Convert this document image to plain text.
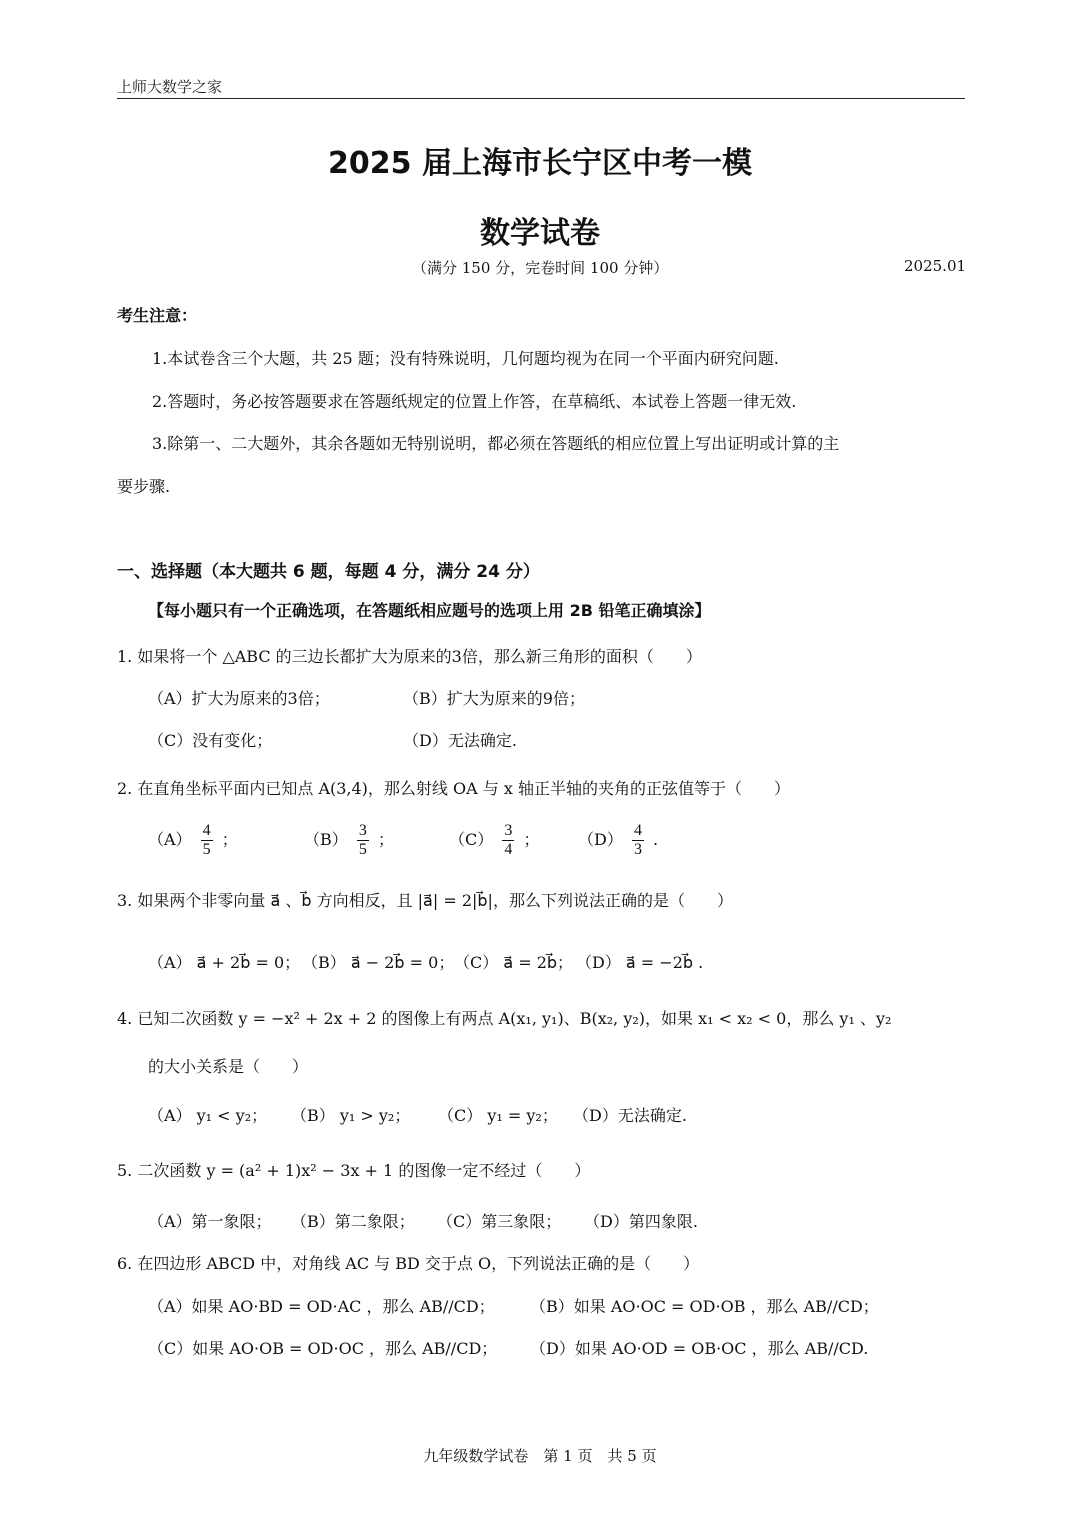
上师大数学之家
2025 届上海市长宁区中考一模
数学试卷
（满分 150 分，完卷时间 100 分钟）	2025.01
考生注意：
1.本试卷含三个大题，共 25 题；没有特殊说明，几何题均视为在同一个平面内研究问题.
2.答题时，务必按答题要求在答题纸规定的位置上作答，在草稿纸、本试卷上答题一律无效.
3.除第一、二大题外，其余各题如无特别说明，都必须在答题纸的相应位置上写出证明或计算的主
要步骤.
一、选择题（本大题共 6 题，每题 4 分，满分 24 分）
【每小题只有一个正确选项，在答题纸相应题号的选项上用 2B 铅笔正确填涂】
1. 如果将一个 △ABC 的三边长都扩大为原来的3倍，那么新三角形的面积（　　）
（A）扩大为原来的3倍；	（B）扩大为原来的9倍；
（C）没有变化；	（D）无法确定.
2. 在直角坐标平面内已知点 A(3,4)，那么射线 OA 与 x 轴正半轴的夹角的正弦值等于（　　）
$(A) \frac{4}{5}$ ；	$(B) \frac{3}{5}$ ；	$(C) \frac{3}{4}$ ； $(D) \frac{4}{3}$ .
3. 如果两个非零向量 a⃗ 、b⃗ 方向相反，且 |a⃗| = 2|b⃗|，那么下列说法正确的是（　　）
（A） a⃗ + 2b⃗ = 0； （B） a⃗ − 2b⃗ = 0； （C） a⃗ = 2b⃗； （D） a⃗ = −2b⃗ .
4. 已知二次函数 y = −x² + 2x + 2 的图像上有两点 A(x₁, y₁)、B(x₂, y₂)，如果 x₁ < x₂ < 0，那么 y₁ 、y₂
的大小关系是（　　）
（A） y₁ < y₂； （B） y₁ > y₂； （C） y₁ = y₂； （D）无法确定.
5. 二次函数 y = (a² + 1)x² − 3x + 1 的图像一定不经过（　　）
（A）第一象限； （B）第二象限； （C）第三象限； （D）第四象限.
6. 在四边形 ABCD 中，对角线 AC 与 BD 交于点 O，下列说法正确的是（　　）
（A）如果 AO·BD = OD·AC ，那么 AB//CD； （B）如果 AO·OC = OD·OB ，那么 AB//CD；
（C）如果 AO·OB = OD·OC ，那么 AB//CD； （D）如果 AO·OD = OB·OC ，那么 AB//CD.
九年级数学试卷　第 1 页　共 5 页
